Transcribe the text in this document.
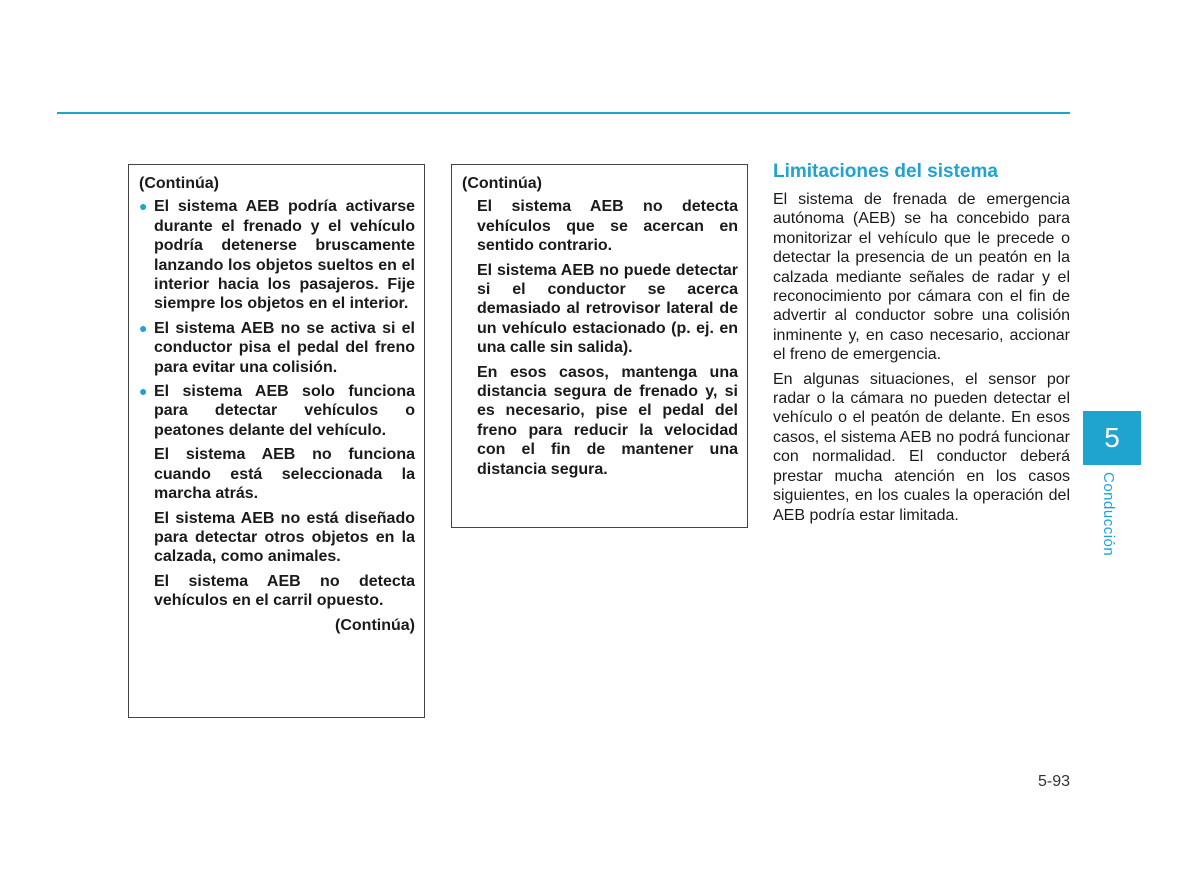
(Continúa)

● El sistema AEB podría activarse durante el frenado y el vehículo podría detenerse bruscamente lanzando los objetos sueltos en el interior hacia los pasajeros. Fije siempre los objetos en el interior.

● El sistema AEB no se activa si el conductor pisa el pedal del freno para evitar una colisión.

● El sistema AEB solo funciona para detectar vehículos o peatones delante del vehículo.

El sistema AEB no funciona cuando está seleccionada la marcha atrás.

El sistema AEB no está diseñado para detectar otros objetos en la calzada, como animales.

El sistema AEB no detecta vehículos en el carril opuesto.

(Continúa)

(Continúa)

El sistema AEB no detecta vehículos que se acercan en sentido contrario.

El sistema AEB no puede detectar si el conductor se acerca demasiado al retrovisor lateral de un vehículo estacionado (p. ej. en una calle sin salida).

En esos casos, mantenga una distancia segura de frenado y, si es necesario, pise el pedal del freno para reducir la velocidad con el fin de mantener una distancia segura.

Limitaciones del sistema

El sistema de frenada de emergencia autónoma (AEB) se ha concebido para monitorizar el vehículo que le precede o detectar la presencia de un peatón en la calzada mediante señales de radar y el reconocimiento por cámara con el fin de advertir al conductor sobre una colisión inminente y, en caso necesario, accionar el freno de emergencia.

En algunas situaciones, el sensor por radar o la cámara no pueden detectar el vehículo o el peatón de delante. En esos casos, el sistema AEB no podrá funcionar con normalidad. El conductor deberá prestar mucha atención en los casos siguientes, en los cuales la operación del AEB podría estar limitada.

5
Conducción
5-93
